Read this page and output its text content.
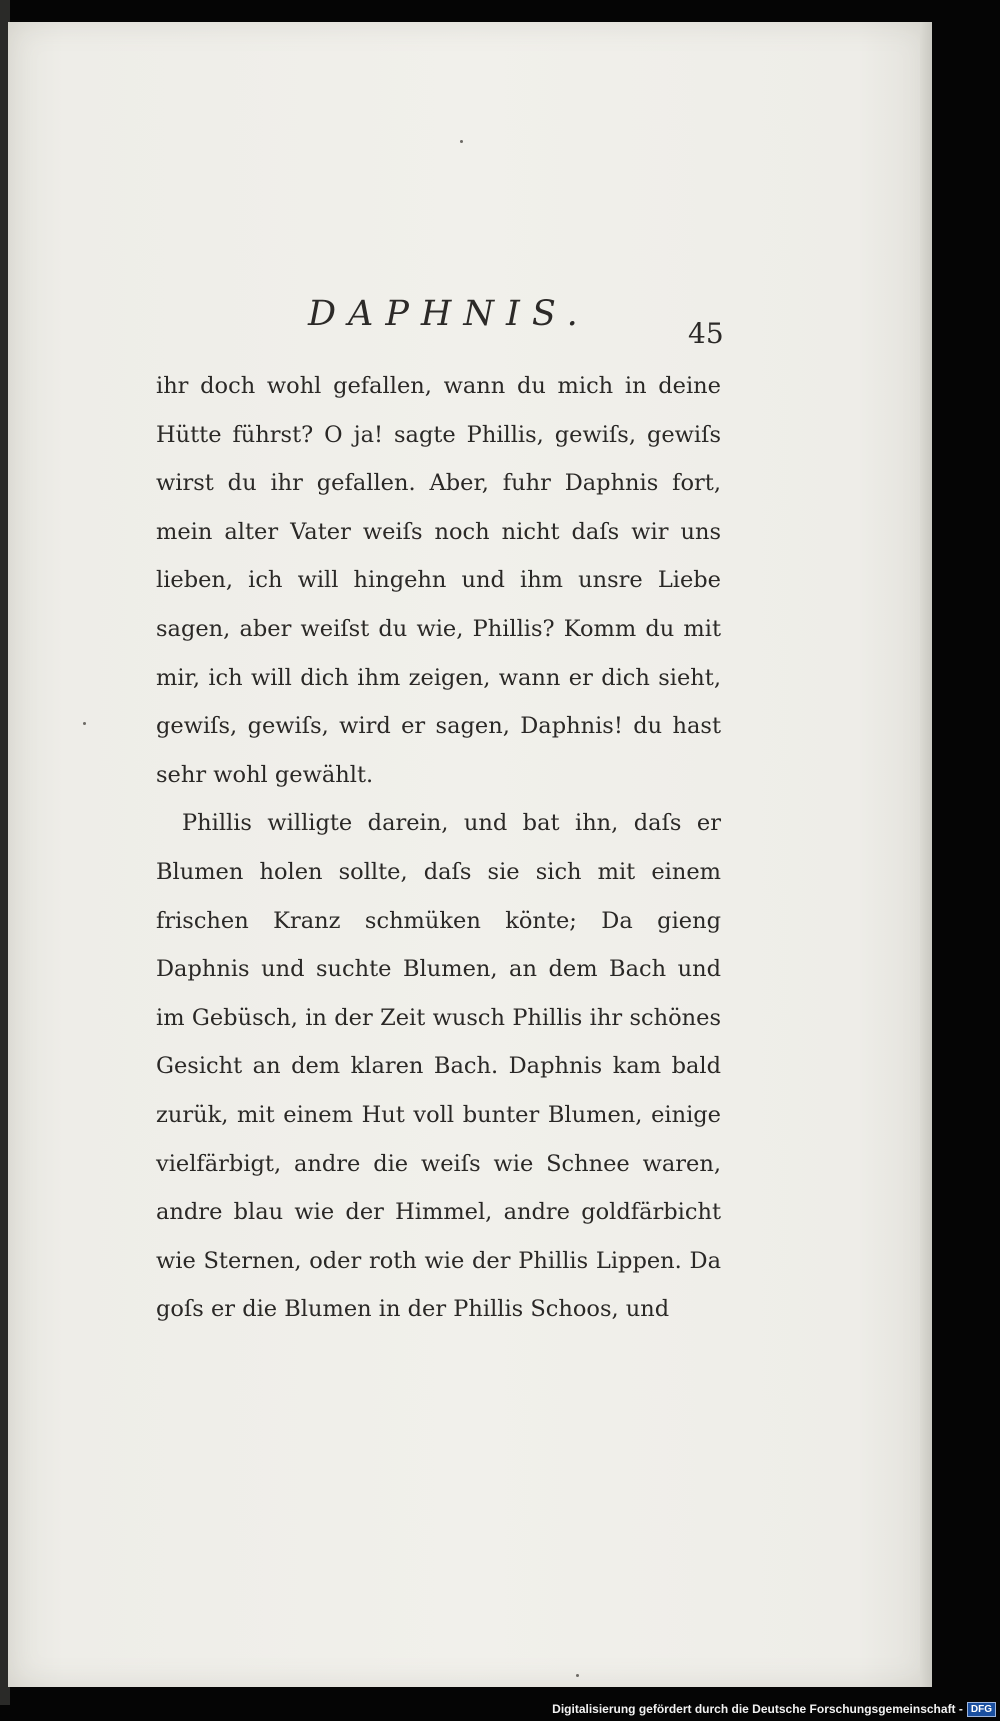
DAPHNIS.	45

ihr doch wohl gefallen, wann du mich in deine Hütte führst? O ja! sagte Phillis, gewiſs, gewiſs wirst du ihr gefallen. Aber, fuhr Daphnis fort, mein alter Vater weiſs noch nicht daſs wir uns lieben, ich will hingehn und ihm unsre Liebe sagen, aber weiſst du wie, Phillis? Komm du mit mir, ich will dich ihm zeigen, wann er dich sieht, gewiſs, gewiſs, wird er sagen, Daphnis! du hast sehr wohl gewählt.

Phillis willigte darein, und bat ihn, daſs er Blumen holen sollte, daſs sie sich mit einem frischen Kranz schmüken könte; Da gieng Daphnis und suchte Blumen, an dem Bach und im Gebüsch, in der Zeit wusch Phillis ihr schönes Gesicht an dem klaren Bach. Daphnis kam bald zurük, mit einem Hut voll bunter Blumen, einige vielfärbigt, andre die weiſs wie Schnee waren, andre blau wie der Himmel, andre goldfärbicht wie Sternen, oder roth wie der Phillis Lippen. Da goſs er die Blumen in der Phillis Schoos, und

Digitalisierung gefördert durch die Deutsche Forschungsgemeinschaft - DFG
